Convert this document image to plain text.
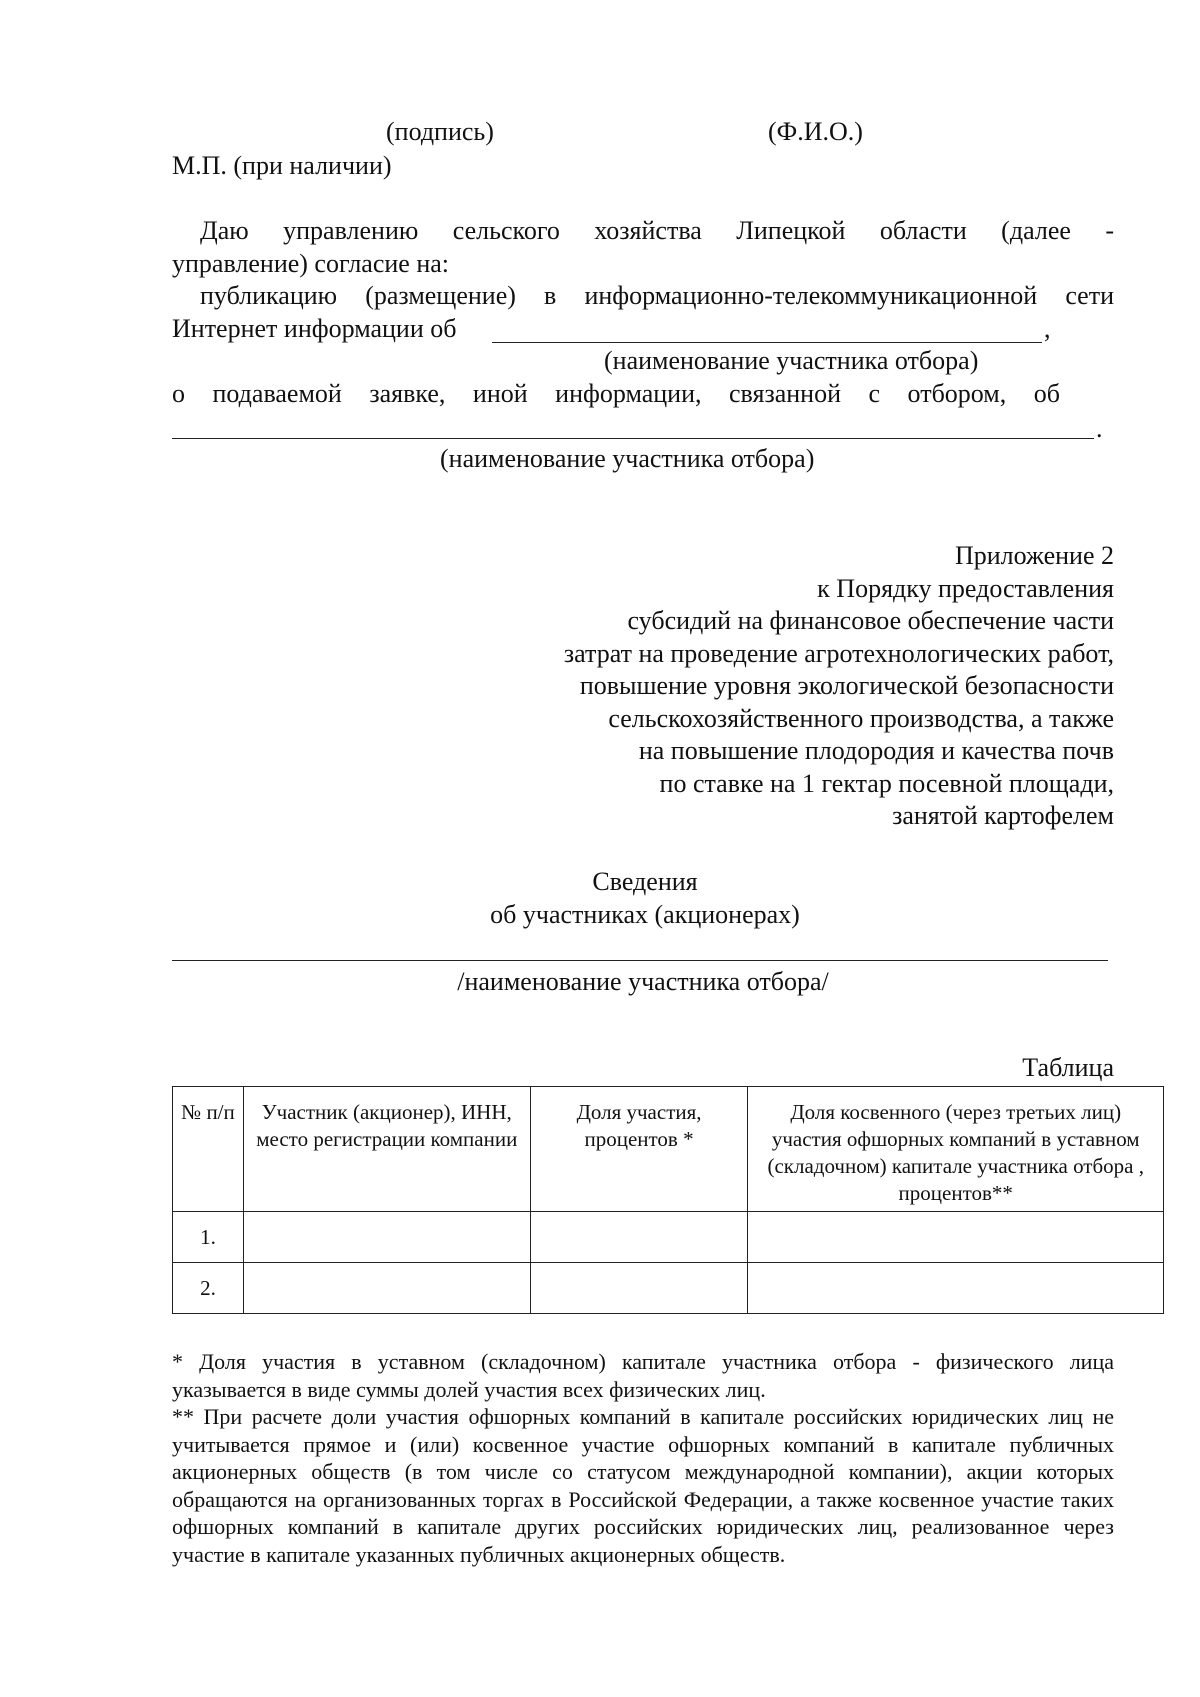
(подпись)	(Ф.И.О.)
М.П. (при наличии)
Даю управлению сельского хозяйства Липецкой области (далее -
управление) согласие на:
публикацию (размещение) в информационно-телекоммуникационной сети
Интернет информации об	,
(наименование участника отбора)
о подаваемой заявке, иной информации, связанной с отбором, об
.
(наименование участника отбора)
Приложение 2
к Порядку предоставления
субсидий на финансовое обеспечение части
затрат на проведение агротехнологических работ,
повышение уровня экологической безопасности
сельскохозяйственного производства, а также
на повышение плодородия и качества почв
по ставке на 1 гектар посевной площади,
занятой картофелем
Сведения
об участниках (акционерах)
/наименование участника отбора/
Таблица
№ п/п	Участник (акционер), ИНН, место регистрации компании	Доля участия, процентов *	Доля косвенного (через третьих лиц) участия офшорных компаний в уставном (складочном) капитале участника отбора , процентов**
1.			
2.			

* Доля участия в уставном (складочном) капитале участника отбора - физического лица указывается в виде суммы долей участия всех физических лиц.

** При расчете доли участия офшорных компаний в капитале российских юридических лиц не учитывается прямое и (или) косвенное участие офшорных компаний в капитале публичных акционерных обществ (в том числе со статусом международной компании), акции которых обращаются на организованных торгах в Российской Федерации, а также косвенное участие таких офшорных компаний в капитале других российских юридических лиц, реализованное через участие в капитале указанных публичных акционерных обществ.
